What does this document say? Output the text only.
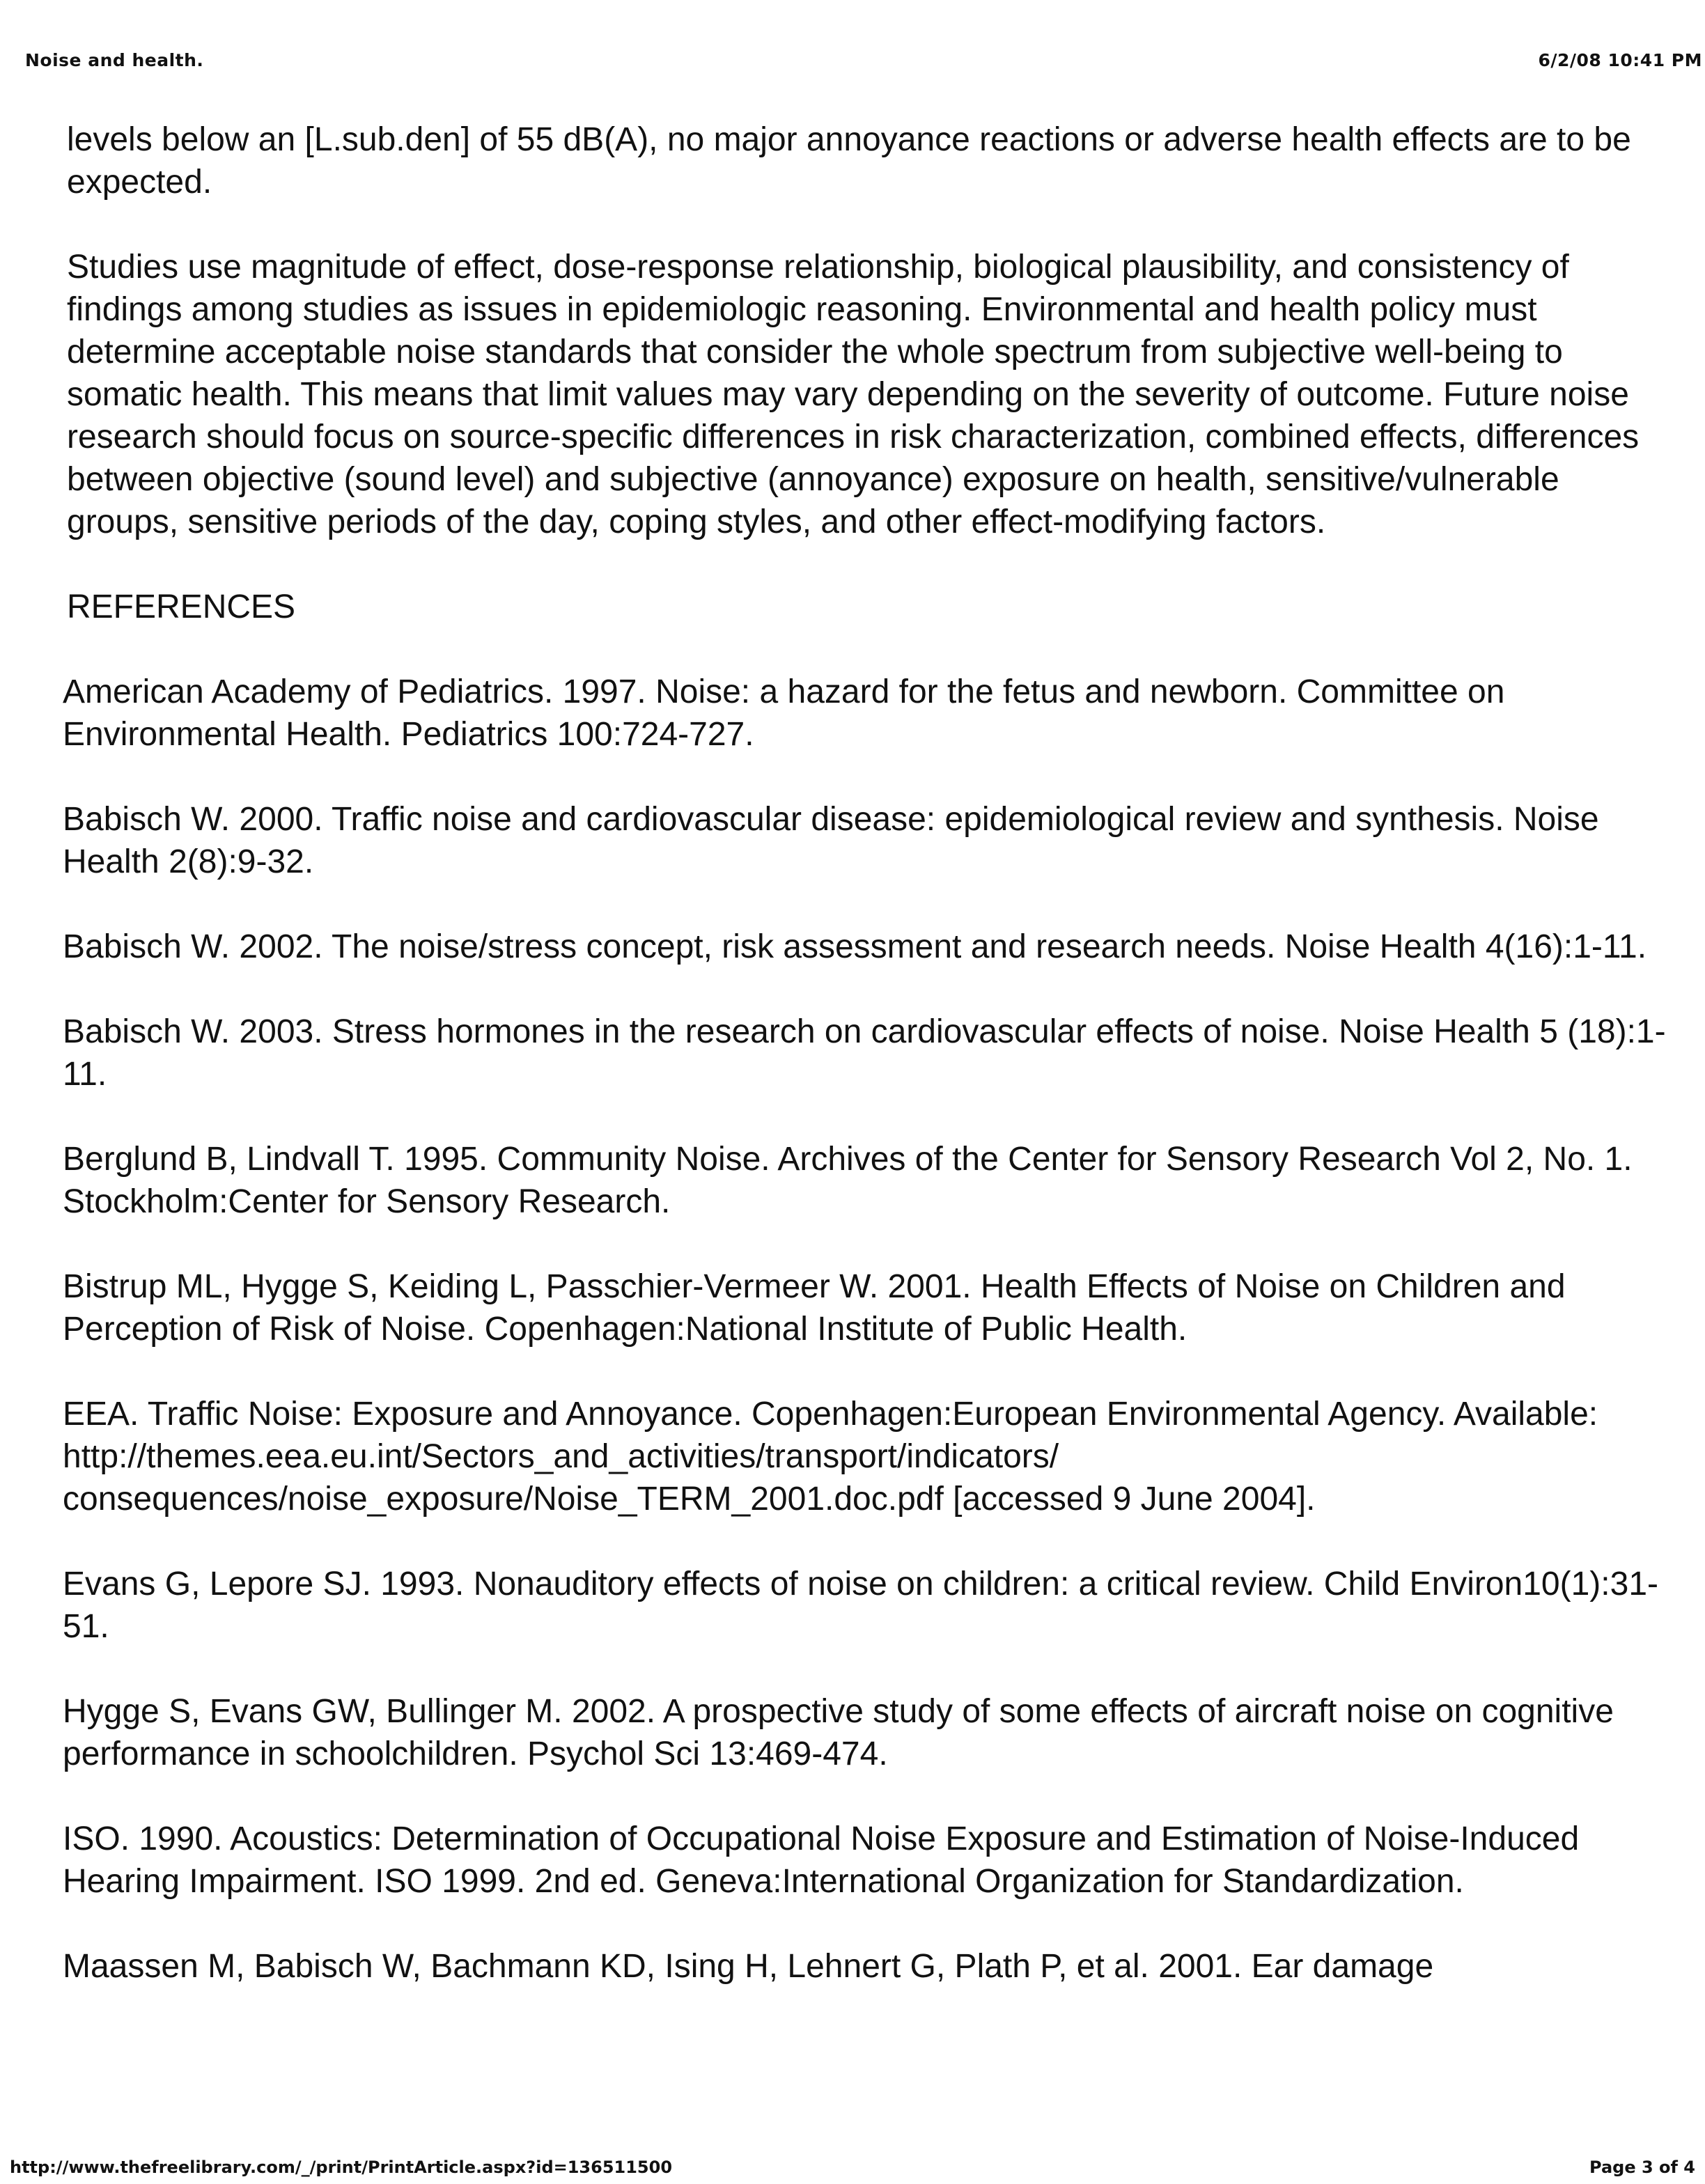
Noise and health.	6/2/08 10:41 PM

levels below an [L.sub.den] of 55 dB(A), no major annoyance reactions or adverse health effects are to be expected.

Studies use magnitude of effect, dose-response relationship, biological plausibility, and consistency of findings among studies as issues in epidemiologic reasoning. Environmental and health policy must determine acceptable noise standards that consider the whole spectrum from subjective well-being to somatic health. This means that limit values may vary depending on the severity of outcome. Future noise research should focus on source-specific differences in risk characterization, combined effects, differences between objective (sound level) and subjective (annoyance) exposure on health, sensitive/vulnerable groups, sensitive periods of the day, coping styles, and other effect-modifying factors.

REFERENCES

American Academy of Pediatrics. 1997. Noise: a hazard for the fetus and newborn. Committee on Environmental Health. Pediatrics 100:724-727.

Babisch W. 2000. Traffic noise and cardiovascular disease: epidemiological review and synthesis. Noise Health 2(8):9-32.

Babisch W. 2002. The noise/stress concept, risk assessment and research needs. Noise Health 4(16):1-11.

Babisch W. 2003. Stress hormones in the research on cardiovascular effects of noise. Noise Health 5 (18):1-11.

Berglund B, Lindvall T. 1995. Community Noise. Archives of the Center for Sensory Research Vol 2, No. 1. Stockholm:Center for Sensory Research.

Bistrup ML, Hygge S, Keiding L, Passchier-Vermeer W. 2001. Health Effects of Noise on Children and Perception of Risk of Noise. Copenhagen:National Institute of Public Health.

EEA. Traffic Noise: Exposure and Annoyance. Copenhagen:European Environmental Agency. Available: http://themes.eea.eu.int/Sectors_and_activities/transport/indicators/ consequences/noise_exposure/Noise_TERM_2001.doc.pdf [accessed 9 June 2004].

Evans G, Lepore SJ. 1993. Nonauditory effects of noise on children: a critical review. Child Environ10(1):31-51.

Hygge S, Evans GW, Bullinger M. 2002. A prospective study of some effects of aircraft noise on cognitive performance in schoolchildren. Psychol Sci 13:469-474.

ISO. 1990. Acoustics: Determination of Occupational Noise Exposure and Estimation of Noise-Induced Hearing Impairment. ISO 1999. 2nd ed. Geneva:International Organization for Standardization.

Maassen M, Babisch W, Bachmann KD, Ising H, Lehnert G, Plath P, et al. 2001. Ear damage

http://www.thefreelibrary.com/_/print/PrintArticle.aspx?id=136511500	Page 3 of 4
